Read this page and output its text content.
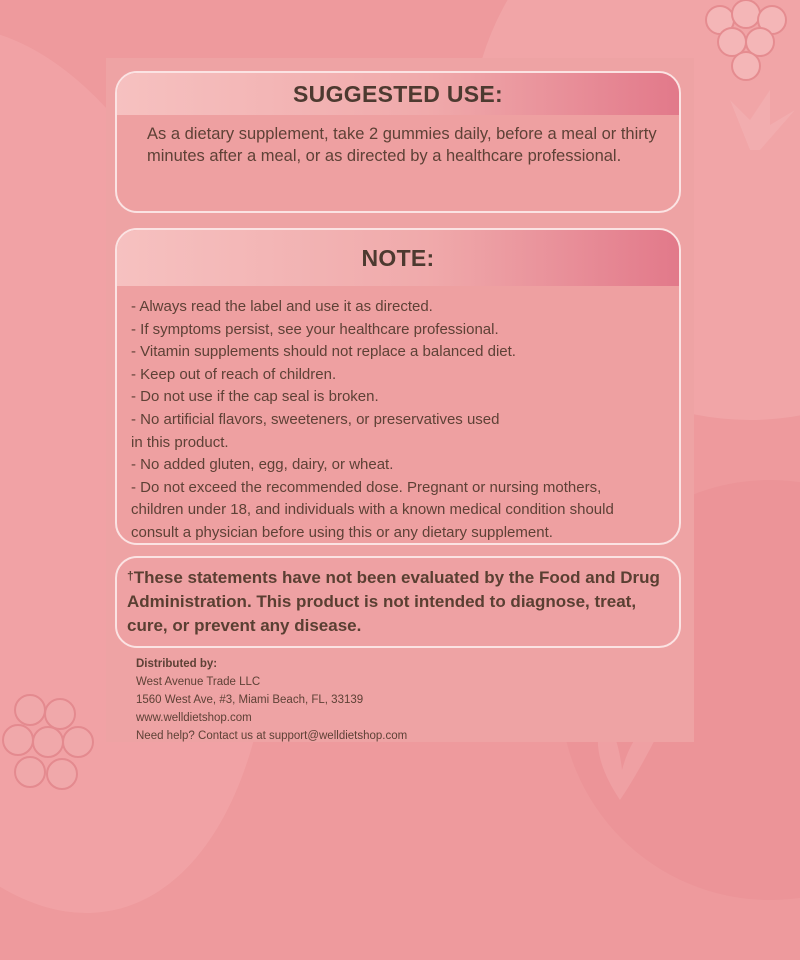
SUGGESTED USE:
As a dietary supplement, take 2 gummies daily, before a meal or thirty minutes after a meal, or as directed by a healthcare professional.
NOTE:
- Always read the label and use it as directed.
- If symptoms persist, see your healthcare professional.
- Vitamin supplements should not replace a balanced diet.
- Keep out of reach of children.
- Do not use if the cap seal is broken.
- No artificial flavors, sweeteners, or preservatives used
in this product.
- No added gluten, egg, dairy, or wheat.
- Do not exceed the recommended dose. Pregnant or nursing mothers,
children under 18, and individuals with a known medical condition should
consult a physician before using this or any dietary supplement.
†These statements have not been evaluated by the Food and Drug Administration. This product is not intended to diagnose, treat, cure, or prevent any disease.
Distributed by:
West Avenue Trade LLC
1560 West Ave, #3, Miami Beach, FL, 33139
www.welldietshop.com
Need help? Contact us at support@welldietshop.com
